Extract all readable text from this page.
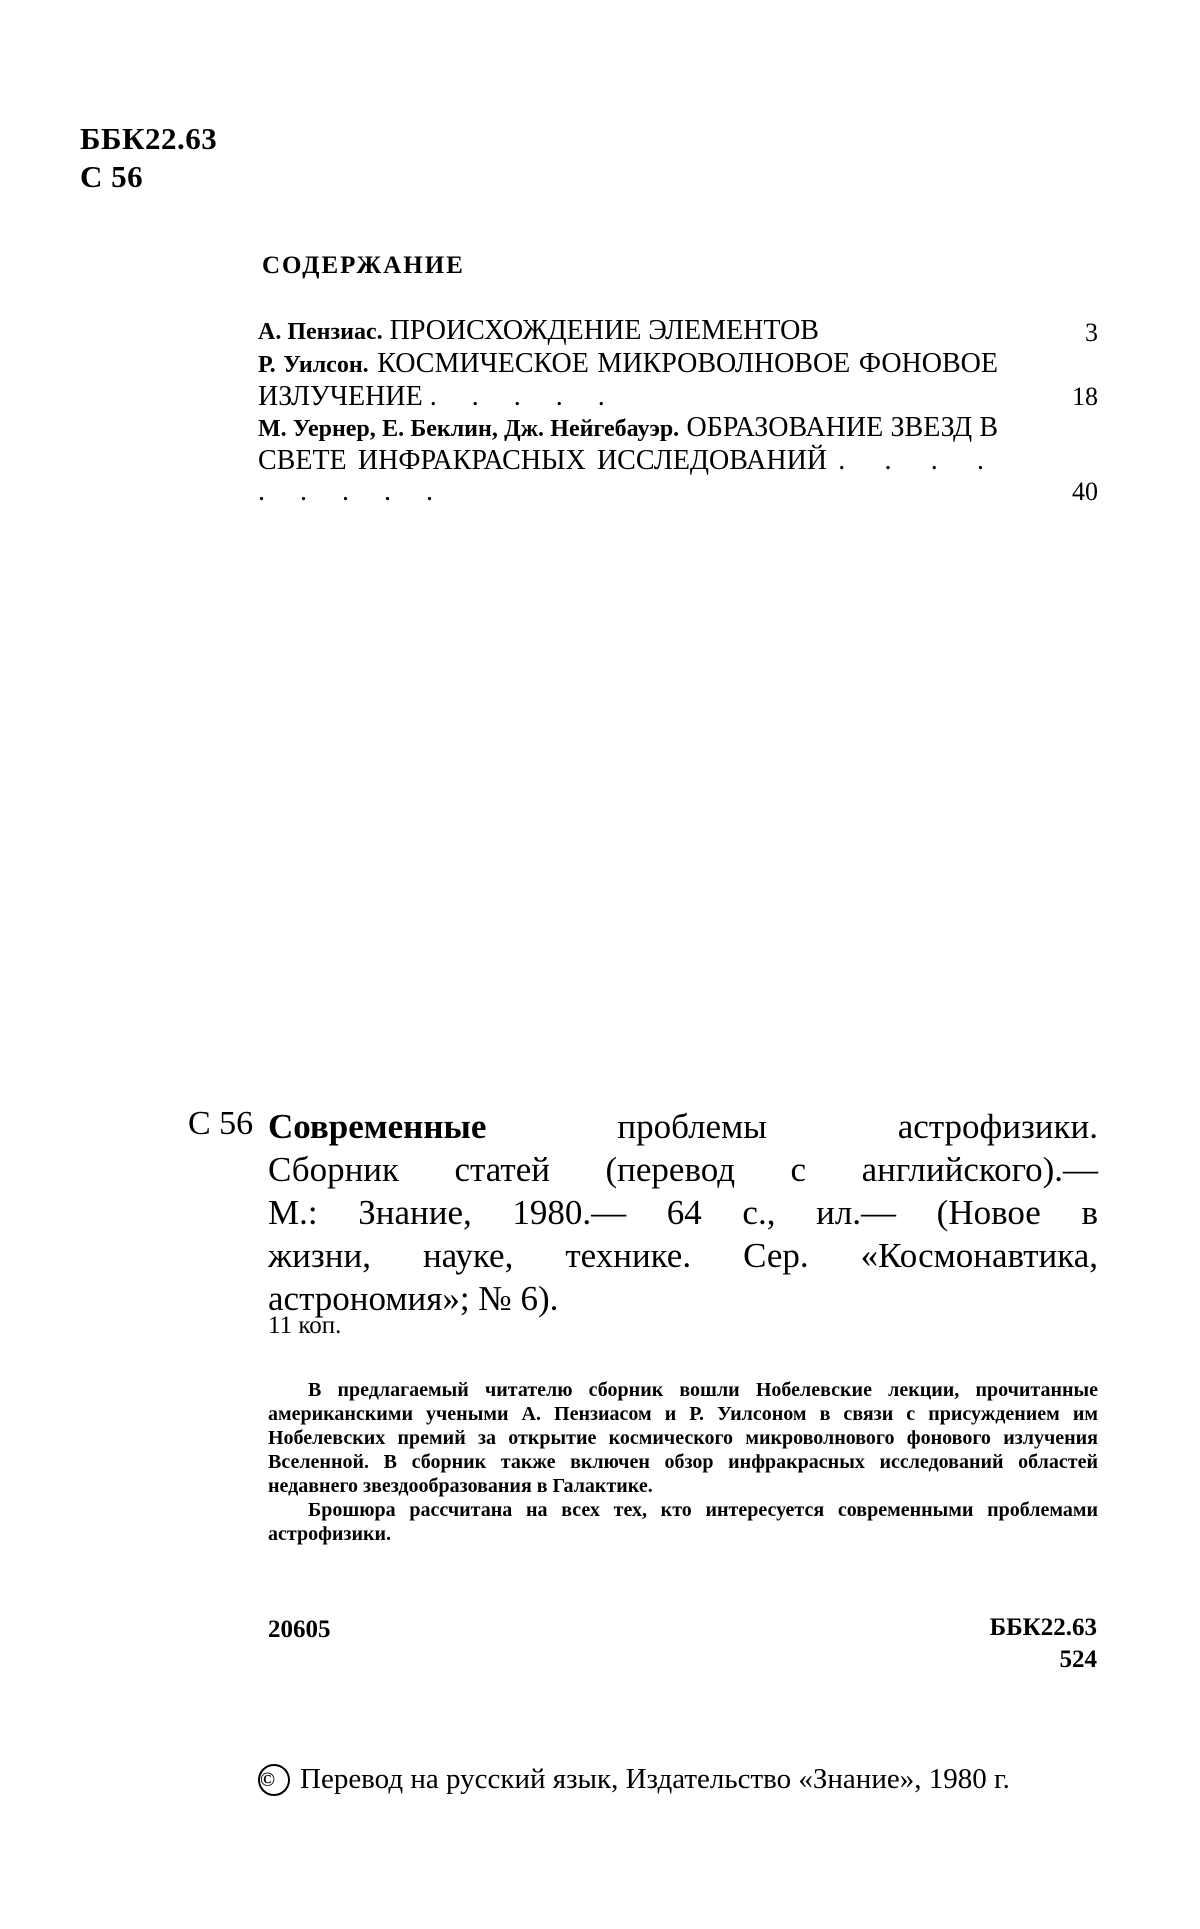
ББК22.63
С 56
СОДЕРЖАНИЕ
А. Пензиас. ПРОИСХОЖДЕНИЕ ЭЛЕМЕНТОВ	3
Р. Уилсон. КОСМИЧЕСКОЕ МИКРОВОЛНОВОЕ ФОНОВОЕ ИЗЛУЧЕНИЕ . . . . .	18
М. Уернер, Е. Беклин, Дж. Нейгебауэр. ОБРАЗОВАНИЕ ЗВЕЗД В СВЕТЕ ИНФРАКРАСНЫХ ИССЛЕДОВАНИЙ . . . . . . . . .	40
С 56 Современные	проблемы астрофизики.
Сборник статей (перевод с английского).—
М.: Знание, 1980.— 64 с., ил.— (Новое в
жизни, науке, технике. Сер. «Космонавтика,
астрономия»; № 6).
11 коп.

В предлагаемый читателю сборник вошли Нобелевские лекции, прочитанные американскими учеными А. Пензиасом и Р. Уилсоном в связи с присуждением им Нобелевских премий за открытие космического микроволнового фонового излучения Вселенной. В сборник также включен обзор инфракрасных исследований областей недавнего звездообразования в Галактике.

Брошюра рассчитана на всех тех, кто интересуется современными проблемами астрофизики.

20605	ББК22.63
524
© Перевод на русский язык, Издательство «Знание», 1980 г.
